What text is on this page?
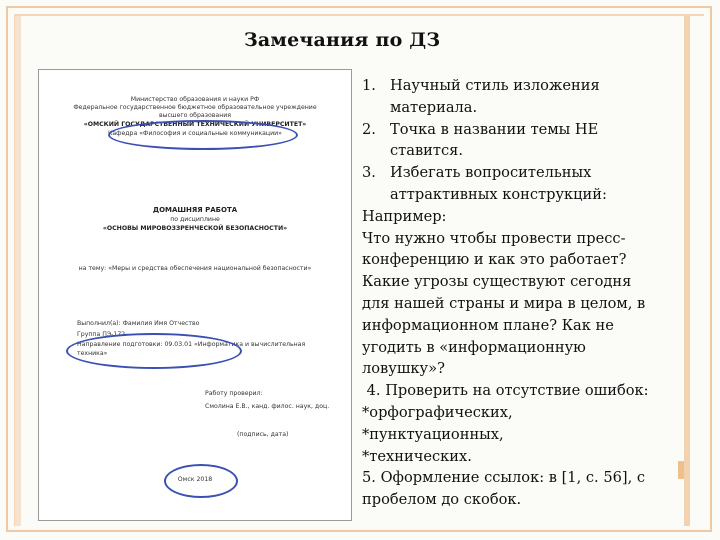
Замечания по ДЗ
Министерство образования и науки РФ
Федеральное государственное бюджетное образовательное учреждение
высшего образования
«ОМСКИЙ ГОСУДАРСТВЕННЫЙ ТЕХНИЧЕСКИЙ УНИВЕРСИТЕТ»
Кафедра «Философия и социальные коммуникации»
ДОМАШНЯЯ РАБОТА
по дисциплине
«ОСНОВЫ МИРОВОЗЗРЕНЧЕСКОЙ БЕЗОПАСНОСТИ»
на тему: «Меры и средства обеспечения национальной безопасности»
Выполнил(а): Фамилия Имя Отчество
Группа ПЭ-172
Направление подготовки: 09.03.01 «Информатика и вычислительная
техника»
Работу проверил:
Смолина Е.В., канд. филос. наук, доц.
(подпись, дата)
Омск 2018
1. Научный стиль изложения
материала.
2. Точка в названии темы НЕ
ставится.
3. Избегать вопросительных
аттрактивных конструкций:

Например:

Что нужно чтобы провести пресс-

конференцию и как это работает?

Какие угрозы существуют сегодня

для нашей страны и мира в целом, в

информационном плане? Как не

угодить в «информационную

ловушку»?

4. Проверить на отсутствие ошибок:

*орфографических,

*пунктуационных,

*технических.

5. Оформление ссылок: в [1, с. 56], с

пробелом до скобок.
